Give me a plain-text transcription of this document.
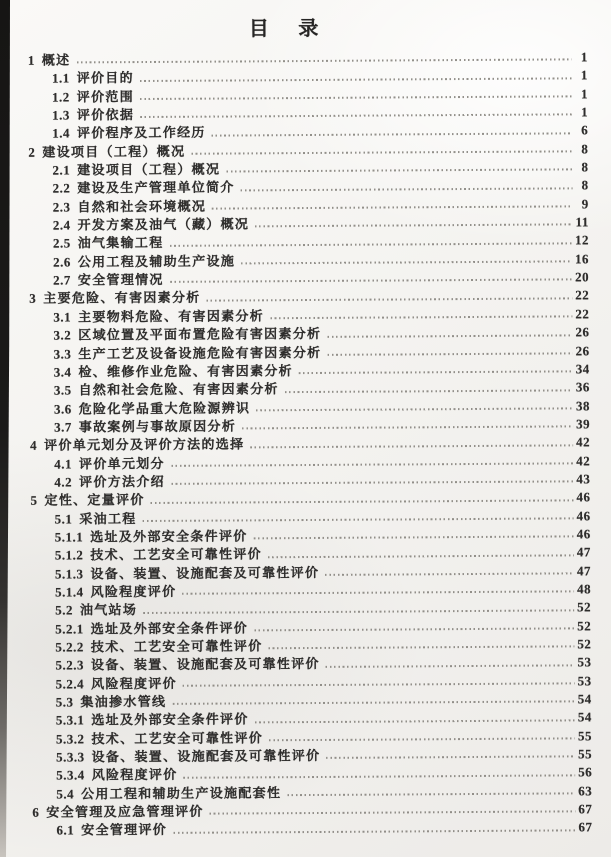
目 录
1 概述	1
1.1 评价目的	1
1.2 评价范围	1
1.3 评价依据	1
1.4 评价程序及工作经历	6
2 建设项目（工程）概况	8
2.1 建设项目（工程）概况	8
2.2 建设及生产管理单位简介	8
2.3 自然和社会环境概况	9
2.4 开发方案及油气（藏）概况	11
2.5 油气集输工程	12
2.6 公用工程及辅助生产设施	16
2.7 安全管理情况	20
3 主要危险、有害因素分析	22
3.1 主要物料危险、有害因素分析	22
3.2 区域位置及平面布置危险有害因素分析	26
3.3 生产工艺及设备设施危险有害因素分析	26
3.4 检、维修作业危险、有害因素分析	34
3.5 自然和社会危险、有害因素分析	36
3.6 危险化学品重大危险源辨识	38
3.7 事故案例与事故原因分析	39
4 评价单元划分及评价方法的选择	42
4.1 评价单元划分	42
4.2 评价方法介绍	43
5 定性、定量评价	46
5.1 采油工程	46
5.1.1 选址及外部安全条件评价	46
5.1.2 技术、工艺安全可靠性评价	47
5.1.3 设备、装置、设施配套及可靠性评价	47
5.1.4 风险程度评价	48
5.2 油气站场	52
5.2.1 选址及外部安全条件评价	52
5.2.2 技术、工艺安全可靠性评价	52
5.2.3 设备、装置、设施配套及可靠性评价	53
5.2.4 风险程度评价	53
5.3 集油掺水管线	54
5.3.1 选址及外部安全条件评价	54
5.3.2 技术、工艺安全可靠性评价	55
5.3.3 设备、装置、设施配套及可靠性评价	55
5.3.4 风险程度评价	56
5.4 公用工程和辅助生产设施配套性	63
6 安全管理及应急管理评价	67
6.1 安全管理评价	67
